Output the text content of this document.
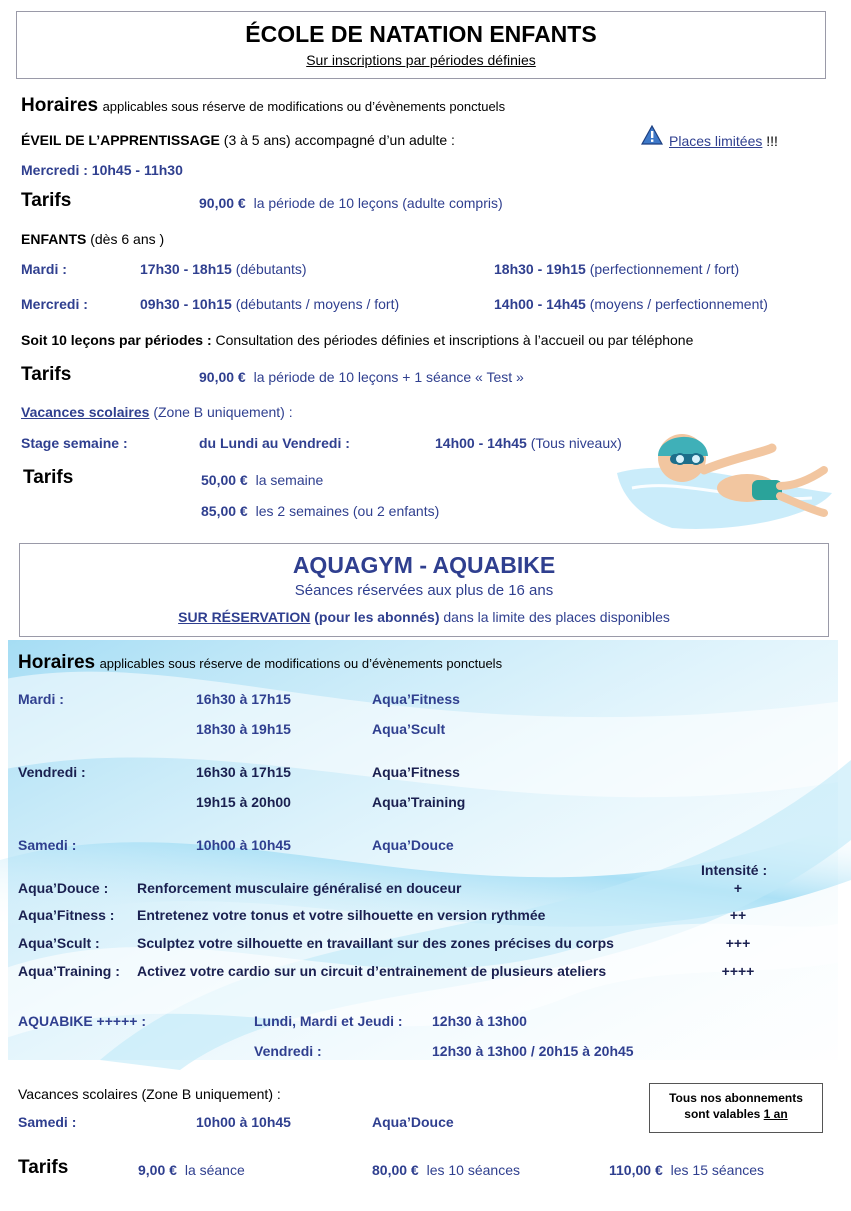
ÉCOLE DE NATATION ENFANTS
Sur inscriptions par périodes définies
Horaires applicables sous réserve de modifications ou d’évènements ponctuels
ÉVEIL DE L’APPRENTISSAGE (3 à 5 ans) accompagné d’un adulte :	Places limitées !!!
Mercredi : 10h45 - 11h30
Tarifs	90,00 € la période de 10 leçons (adulte compris)
ENFANTS (dès 6 ans )
Mardi :	17h30 - 18h15 (débutants)	18h30 - 19h15 (perfectionnement / fort)
Mercredi :	09h30 - 10h15 (débutants / moyens / fort)	14h00 - 14h45 (moyens / perfectionnement)
Soit 10 leçons par périodes : Consultation des périodes définies et inscriptions à l’accueil ou par téléphone
Tarifs	90,00 € la période de 10 leçons + 1 séance « Test »
Vacances scolaires (Zone B uniquement) :
Stage semaine :	du Lundi au Vendredi :	14h00 - 14h45 (Tous niveaux)
Tarifs	50,00 € la semaine
85,00 € les 2 semaines (ou 2 enfants)
AQUAGYM - AQUABIKE
Séances réservées aux plus de 16 ans
SUR RÉSERVATION (pour les abonnés) dans la limite des places disponibles
Horaires applicables sous réserve de modifications ou d’évènements ponctuels
Mardi :	16h30 à 17h15	Aqua’Fitness
18h30 à 19h15	Aqua’Scult
Vendredi :	16h30 à 17h15	Aqua’Fitness
19h15 à 20h00	Aqua’Training
Samedi :	10h00 à 10h45	Aqua’Douce
Intensité :
Aqua’Douce : Renforcement musculaire généralisé en douceur	+
Aqua’Fitness : Entretenez votre tonus et votre silhouette en version rythmée	++
Aqua’Scult :	Sculptez votre silhouette en travaillant sur des zones précises du corps	+++
Aqua’Training : Activez votre cardio sur un circuit d’entrainement de plusieurs ateliers	++++
AQUABIKE +++++ :	Lundi, Mardi et Jeudi : 12h30 à 13h00
Vendredi :	12h30 à 13h00 / 20h15 à 20h45
Vacances scolaires (Zone B uniquement) :
Samedi :	10h00 à 10h45	Aqua’Douce
Tous nos abonnements
sont valables 1 an
Tarifs	9,00 € la séance	80,00 € les 10 séances	110,00 € les 15 séances
